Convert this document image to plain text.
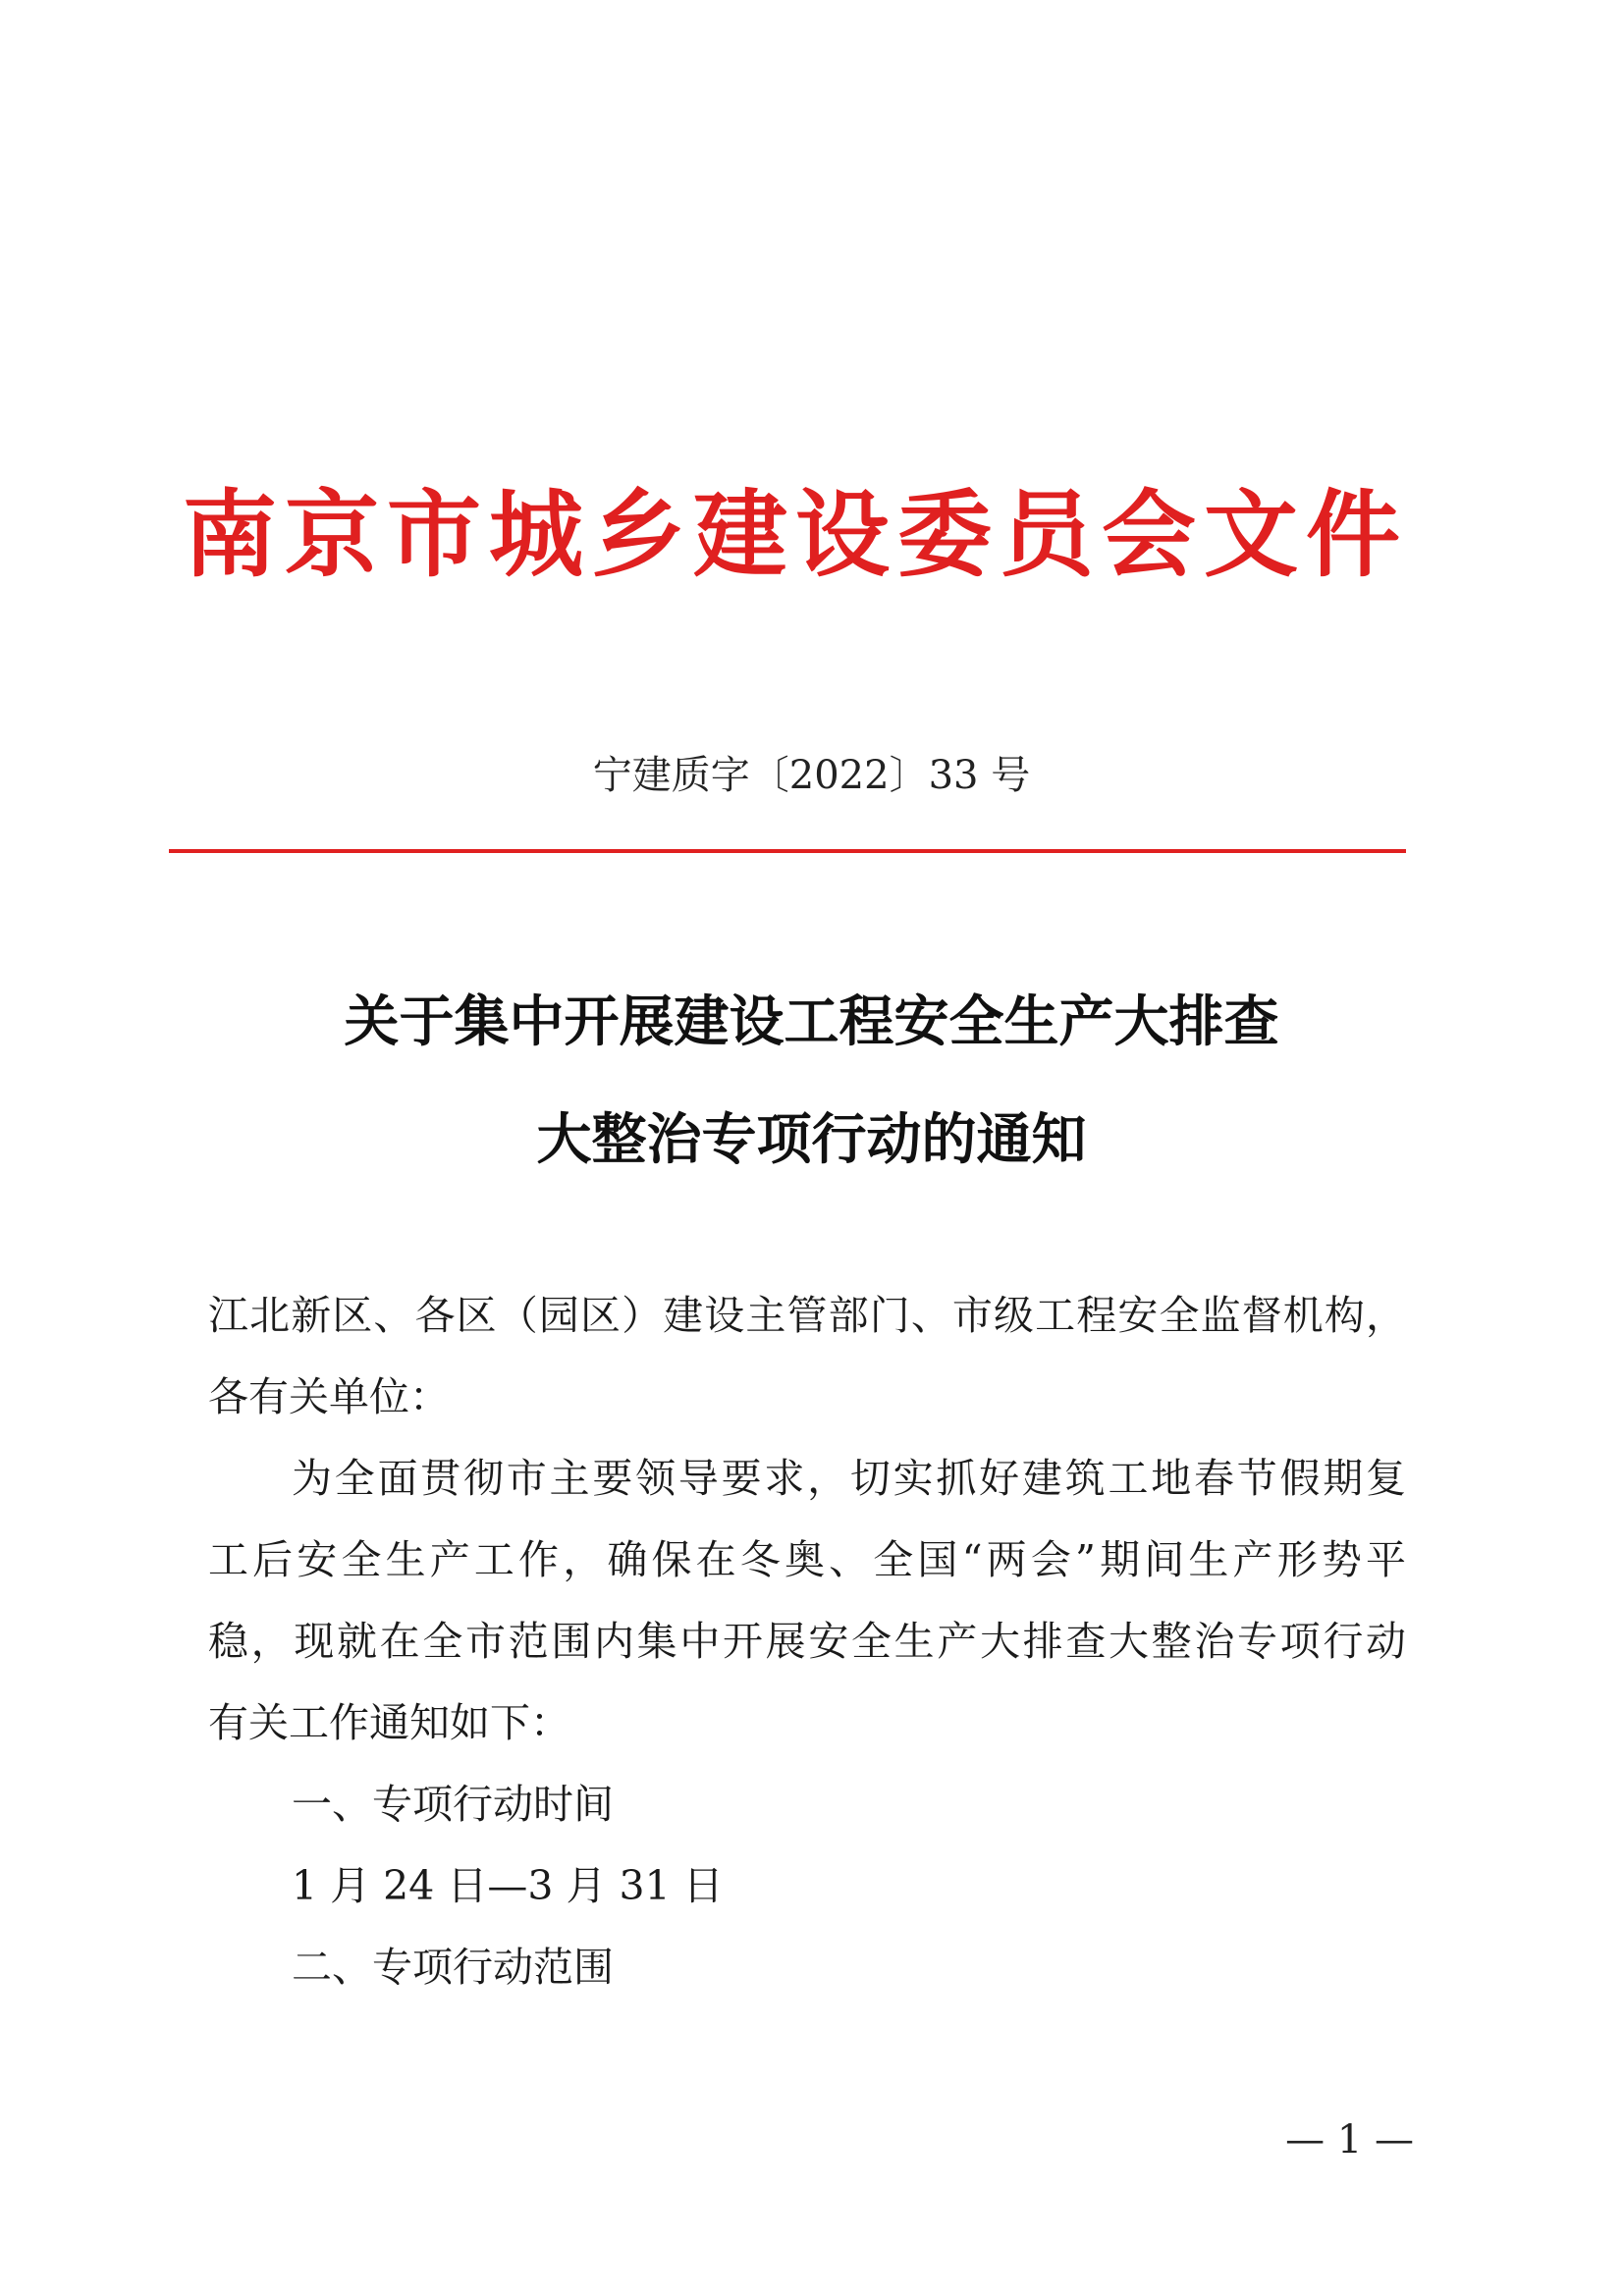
南京市城乡建设委员会文件
宁建质字〔2022〕33 号
关于集中开展建设工程安全生产大排查
大整治专项行动的通知
江北新区、各区（园区）建设主管部门、市级工程安全监督机构，
各有关单位：
为全面贯彻市主要领导要求，切实抓好建筑工地春节假期复
工后安全生产工作，确保在冬奥、全国“两会”期间生产形势平
稳，现就在全市范围内集中开展安全生产大排查大整治专项行动
有关工作通知如下：
一、专项行动时间
1 月 24 日—3 月 31 日
二、专项行动范围
— 1 —
